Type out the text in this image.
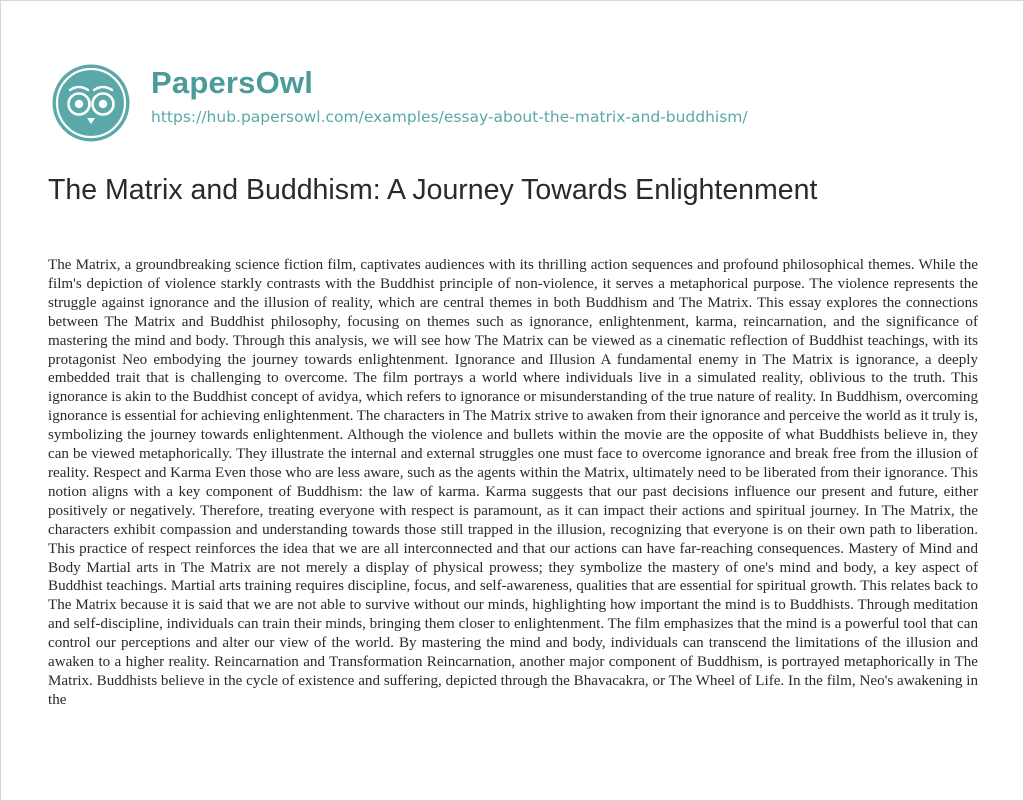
PapersOwl
https://hub.papersowl.com/examples/essay-about-the-matrix-and-buddhism/
The Matrix and Buddhism: A Journey Towards Enlightenment

The Matrix, a groundbreaking science fiction film, captivates audiences with its thrilling action sequences and profound philosophical themes. While the film's depiction of violence starkly contrasts with the Buddhist principle of non-violence, it serves a metaphorical purpose. The violence represents the struggle against ignorance and the illusion of reality, which are central themes in both Buddhism and The Matrix. This essay explores the connections between The Matrix and Buddhist philosophy, focusing on themes such as ignorance, enlightenment, karma, reincarnation, and the significance of mastering the mind and body. Through this analysis, we will see how The Matrix can be viewed as a cinematic reflection of Buddhist teachings, with its protagonist Neo embodying the journey towards enlightenment. Ignorance and Illusion A fundamental enemy in The Matrix is ignorance, a deeply embedded trait that is challenging to overcome. The film portrays a world where individuals live in a simulated reality, oblivious to the truth. This ignorance is akin to the Buddhist concept of avidya, which refers to ignorance or misunderstanding of the true nature of reality. In Buddhism, overcoming ignorance is essential for achieving enlightenment. The characters in The Matrix strive to awaken from their ignorance and perceive the world as it truly is, symbolizing the journey towards enlightenment. Although the violence and bullets within the movie are the opposite of what Buddhists believe in, they can be viewed metaphorically. They illustrate the internal and external struggles one must face to overcome ignorance and break free from the illusion of reality. Respect and Karma Even those who are less aware, such as the agents within the Matrix, ultimately need to be liberated from their ignorance. This notion aligns with a key component of Buddhism: the law of karma. Karma suggests that our past decisions influence our present and future, either positively or negatively. Therefore, treating everyone with respect is paramount, as it can impact their actions and spiritual journey. In The Matrix, the characters exhibit compassion and understanding towards those still trapped in the illusion, recognizing that everyone is on their own path to liberation. This practice of respect reinforces the idea that we are all interconnected and that our actions can have far-reaching consequences. Mastery of Mind and Body Martial arts in The Matrix are not merely a display of physical prowess; they symbolize the mastery of one's mind and body, a key aspect of Buddhist teachings. Martial arts training requires discipline, focus, and self-awareness, qualities that are essential for spiritual growth. This relates back to The Matrix because it is said that we are not able to survive without our minds, highlighting how important the mind is to Buddhists. Through meditation and self-discipline, individuals can train their minds, bringing them closer to enlightenment. The film emphasizes that the mind is a powerful tool that can control our perceptions and alter our view of the world. By mastering the mind and body, individuals can transcend the limitations of the illusion and awaken to a higher reality. Reincarnation and Transformation Reincarnation, another major component of Buddhism, is portrayed metaphorically in The Matrix. Buddhists believe in the cycle of existence and suffering, depicted through the Bhavacakra, or The Wheel of Life. In the film, Neo's awakening in the
